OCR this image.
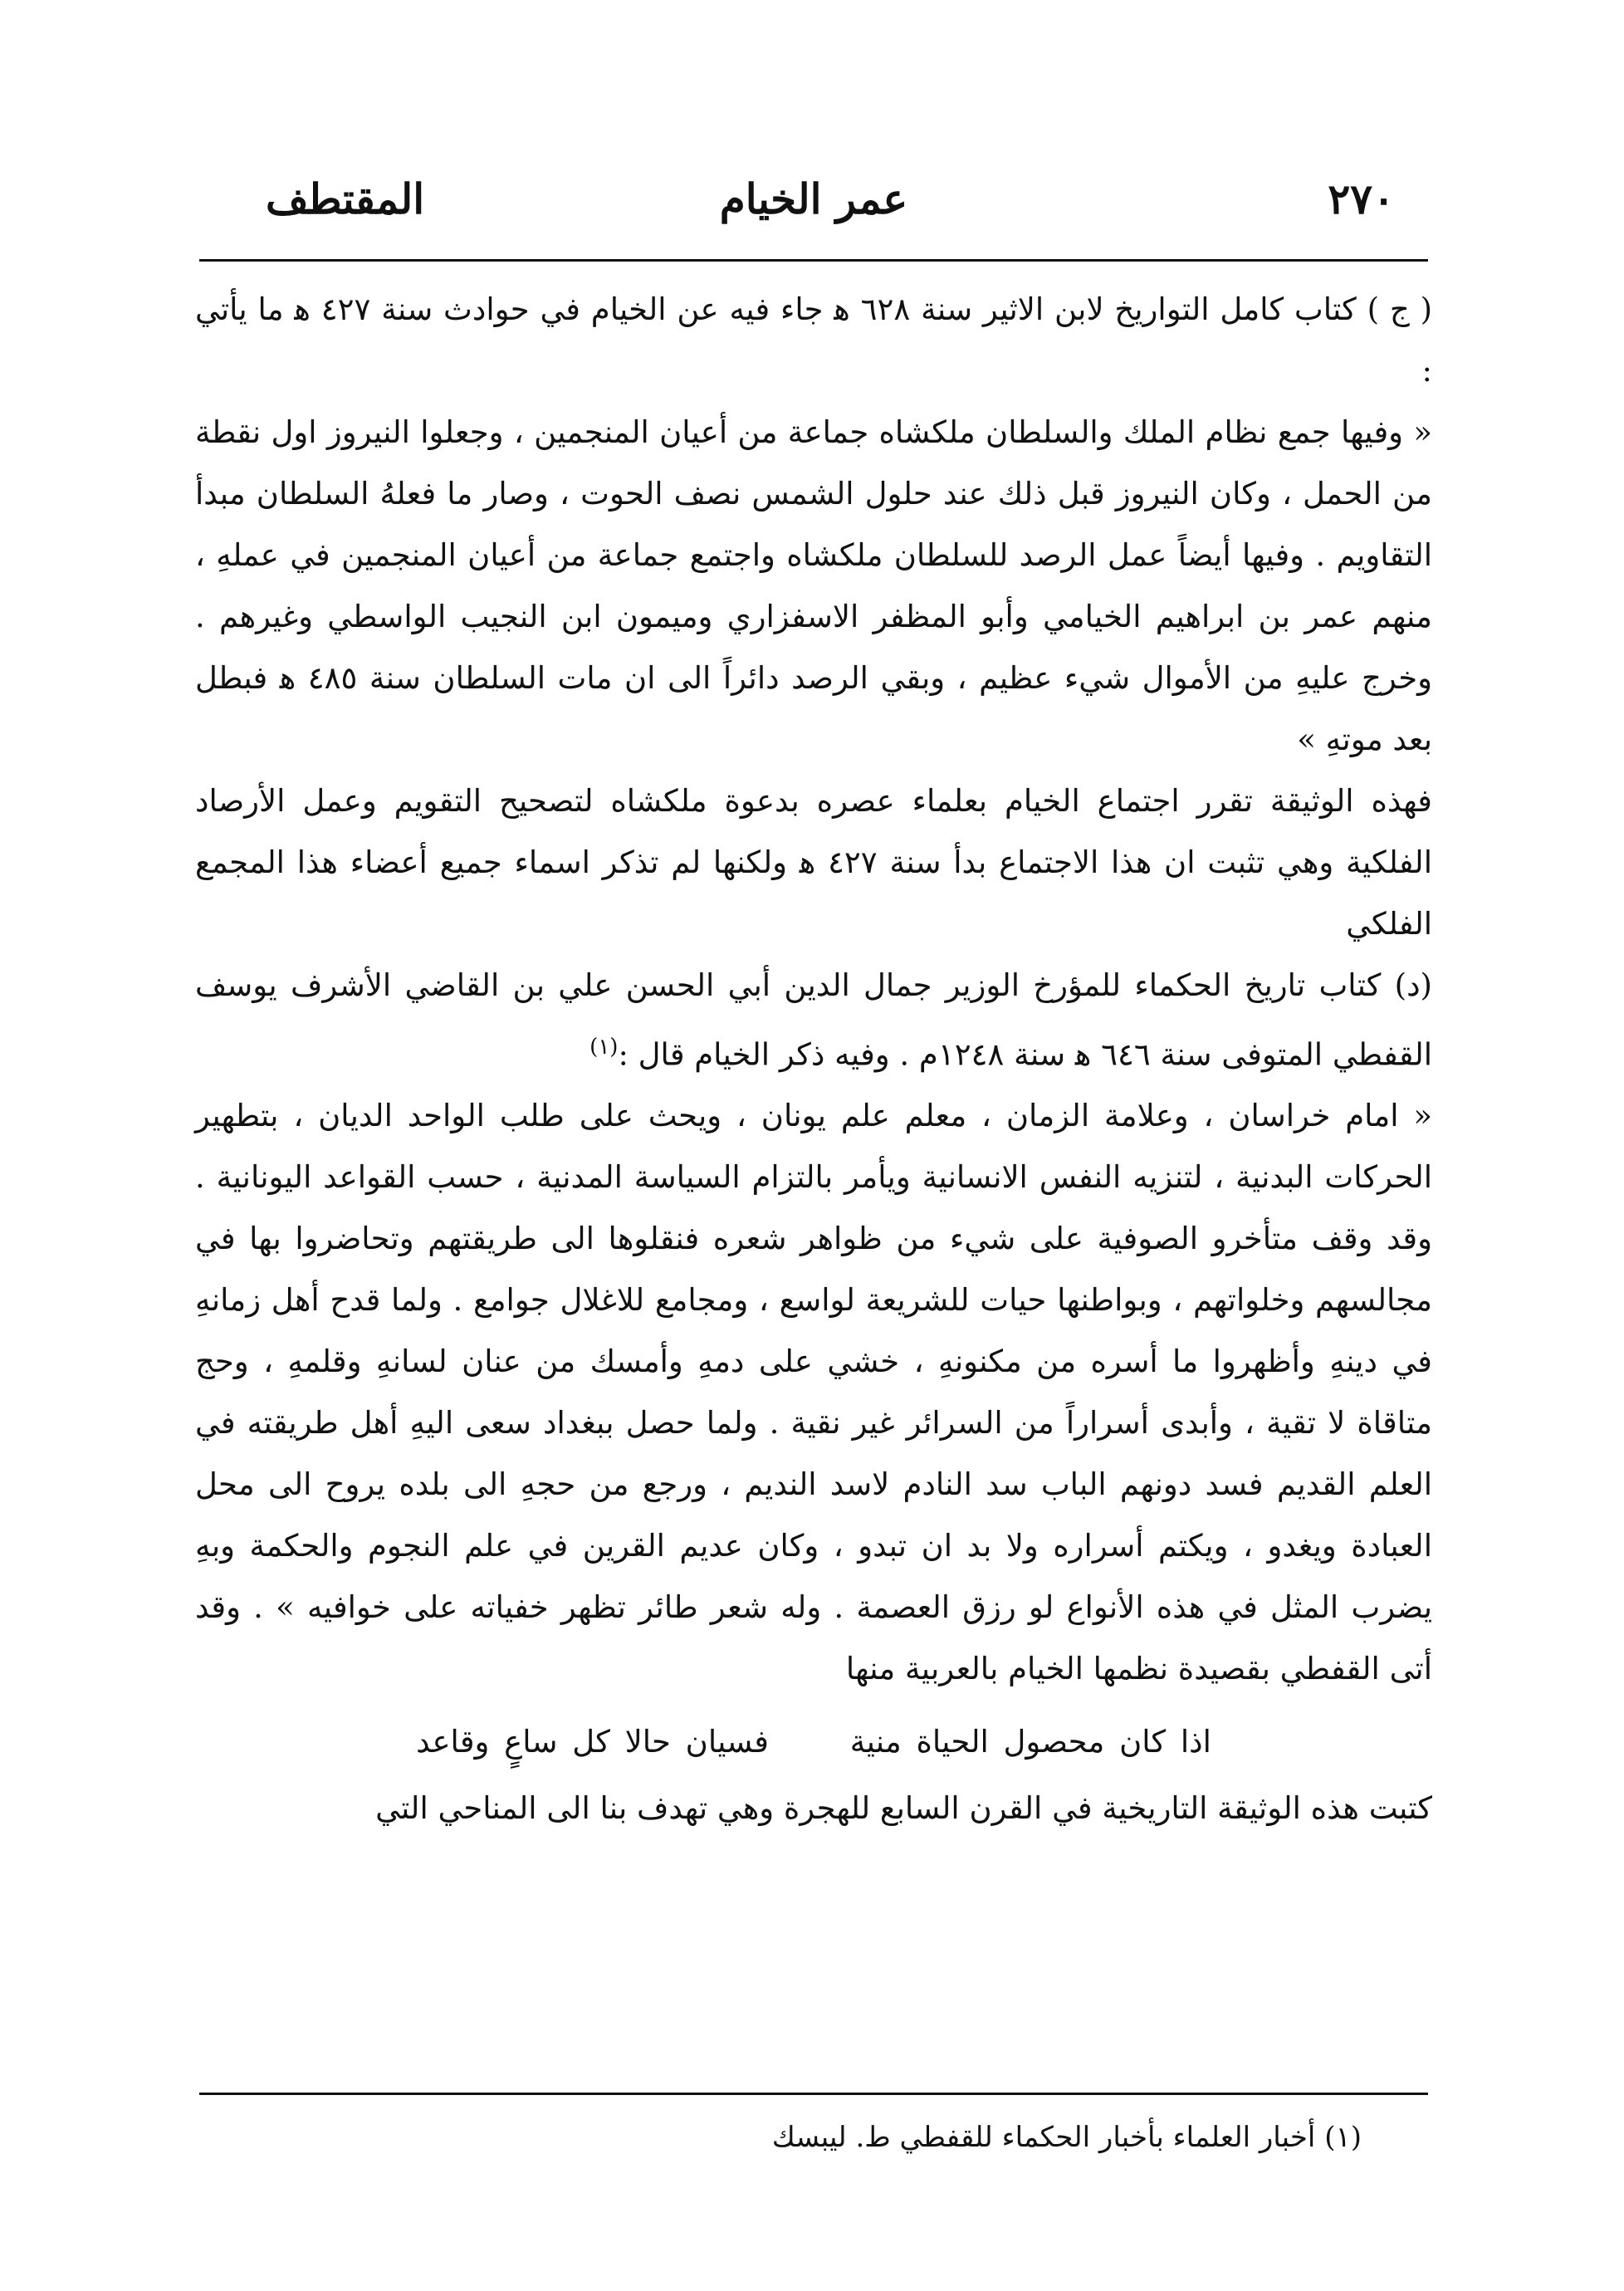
٢٧٠
عمر الخيام
المقتطف

( ج ) كتاب كامل التواريخ لابن الاثير سنة ٦٢٨ ﻫ جاء فيه عن الخيام في حوادث سنة ٤٢٧ ﻫ ما يأتي :

« وفيها جمع نظام الملك والسلطان ملكشاه جماعة من أعيان المنجمين ، وجعلوا النيروز اول نقطة من الحمل ، وكان النيروز قبل ذلك عند حلول الشمس نصف الحوت ، وصار ما فعلهُ السلطان مبدأ التقاويم . وفيها أيضاً عمل الرصد للسلطان ملكشاه واجتمع جماعة من أعيان المنجمين في عملهِ ، منهم عمر بن ابراهيم الخيامي وأبو المظفر الاسفزاري وميمون ابن النجيب الواسطي وغيرهم . وخرج عليهِ من الأموال شيء عظيم ، وبقي الرصد دائراً الى ان مات السلطان سنة ٤٨٥ ﻫ فبطل بعد موتهِ »

فهذه الوثيقة تقرر اجتماع الخيام بعلماء عصره بدعوة ملكشاه لتصحيح التقويم وعمل الأرصاد الفلكية وهي تثبت ان هذا الاجتماع بدأ سنة ٤٢٧ ﻫ ولكنها لم تذكر اسماء جميع أعضاء هذا المجمع الفلكي

(د) كتاب تاريخ الحكماء للمؤرخ الوزير جمال الدين أبي الحسن علي بن القاضي الأشرف يوسف القفطي المتوفى سنة ٦٤٦ ﻫ سنة ١٢٤٨م . وفيه ذكر الخيام قال :$^{(١)}$

« امام خراسان ، وعلامة الزمان ، معلم علم يونان ، ويحث على طلب الواحد الديان ، بتطهير الحركات البدنية ، لتنزيه النفس الانسانية ويأمر بالتزام السياسة المدنية ، حسب القواعد اليونانية . وقد وقف متأخرو الصوفية على شيء من ظواهر شعره فنقلوها الى طريقتهم وتحاضروا بها في مجالسهم وخلواتهم ، وبواطنها حيات للشريعة لواسع ، ومجامع للاغلال جوامع . ولما قدح أهل زمانهِ في دينهِ وأظهروا ما أسره من مكنونهِ ، خشي على دمهِ وأمسك من عنان لسانهِ وقلمهِ ، وحج متاقاة لا تقية ، وأبدى أسراراً من السرائر غير نقية . ولما حصل ببغداد سعى اليهِ أهل طريقته في العلم القديم فسد دونهم الباب سد النادم لاسد النديم ، ورجع من حجهِ الى بلده يروح الى محل العبادة ويغدو ، ويكتم أسراره ولا بد ان تبدو ، وكان عديم القرين في علم النجوم والحكمة وبهِ يضرب المثل في هذه الأنواع لو رزق العصمة . وله شعر طائر تظهر خفياته على خوافيه » . وقد أتى القفطي بقصيدة نظمها الخيام بالعربية منها

اذا كان محصول الحياة منية فسيان حالا كل ساعٍ وقاعد

كتبت هذه الوثيقة التاريخية في القرن السابع للهجرة وهي تهدف بنا الى المناحي التي

(١) أخبار العلماء بأخبار الحكماء للقفطي ط. ليبسك
